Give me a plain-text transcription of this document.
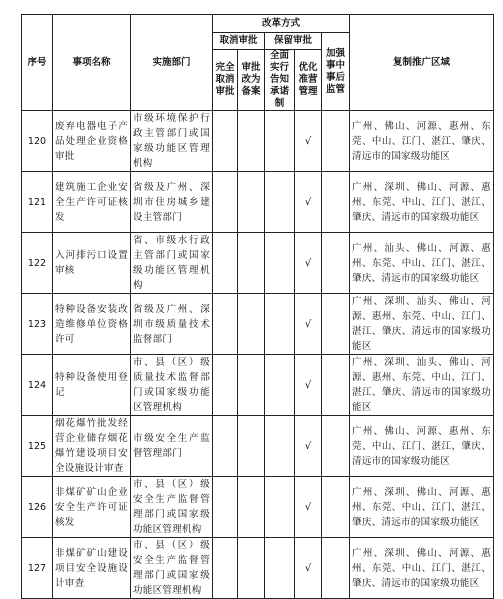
序号	事项名称	实施部门	改革方式					复制推广区域
			取消审批		保留审批		加强事中事后监管	
			完全取消审批	审批改为备案	全面实行告知承诺制	优化准营管理		
120	废弃电器电子产品处理企业资格审批	市级环境保护行政主管部门或国家级功能区管理机构				√		广州、佛山、河源、惠州、东莞、中山、江门、湛江、肇庆、清远市的国家级功能区
121	建筑施工企业安全生产许可证核发	省级及广州、深圳市住房城乡建设主管部门				√		广州、深圳、佛山、河源、惠州、东莞、中山、江门、湛江、肇庆、清远市的国家级功能区
122	入河排污口设置审核	省、市级水行政主管部门或国家级功能区管理机构				√		广州、汕头、佛山、河源、惠州、东莞、中山、江门、湛江、肇庆、清远市的国家级功能区
123	特种设备安装改造维修单位资格许可	省级及广州、深圳市级质量技术监督部门				√		广州、深圳、汕头、佛山、河源、惠州、东莞、中山、江门、湛江、肇庆、清远市的国家级功能区
124	特种设备使用登记	市、县（区）级质量技术监督部门或国家级功能区管理机构				√		广州、深圳、汕头、佛山、河源、惠州、东莞、中山、江门、湛江、肇庆、清远市的国家级功能区
125	烟花爆竹批发经营企业储存烟花爆竹建设项目安全设施设计审查	市级安全生产监督管理部门				√		广州、佛山、河源、惠州、东莞、中山、江门、湛江、肇庆、清远市的国家级功能区
126	非煤矿矿山企业安全生产许可证核发	市、县（区）级安全生产监督管理部门或国家级功能区管理机构				√		广州、深圳、佛山、河源、惠州、东莞、中山、江门、湛江、肇庆、清远市的国家级功能区
127	非煤矿矿山建设项目安全设施设计审查	市、县（区）级安全生产监督管理部门或国家级功能区管理机构				√		广州、深圳、佛山、河源、惠州、东莞、中山、江门、湛江、肇庆、清远市的国家级功能区
